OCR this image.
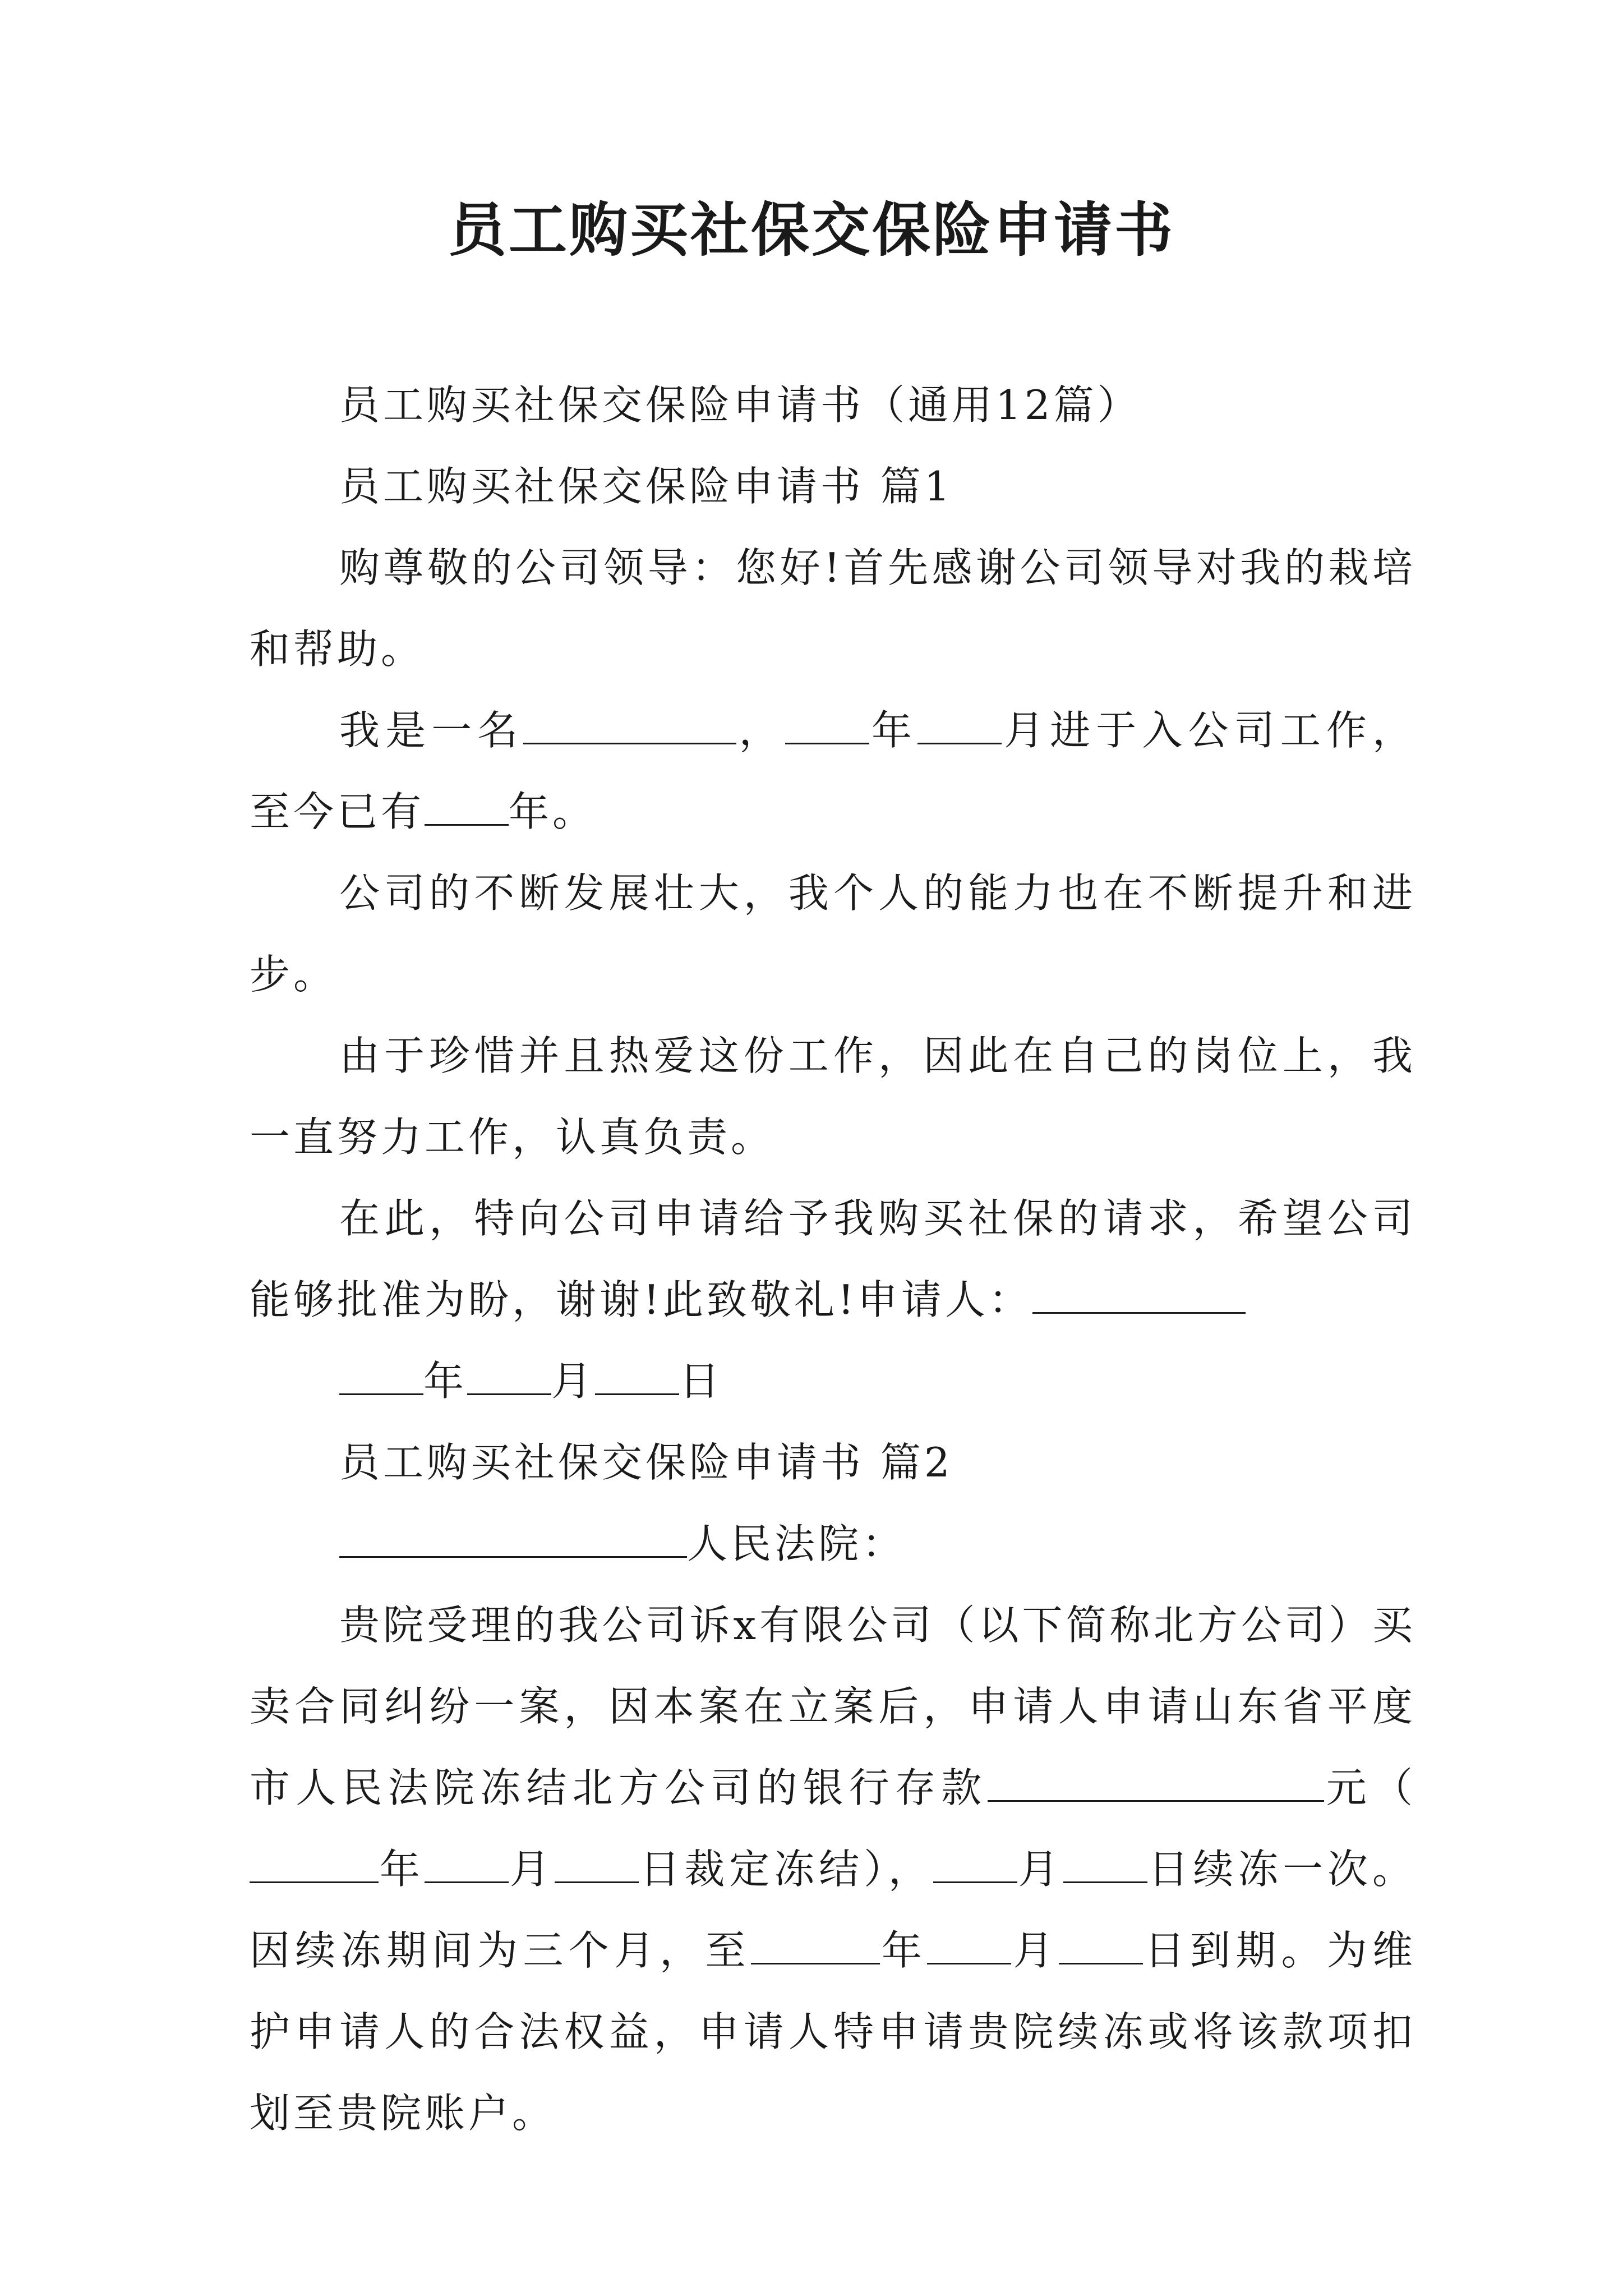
员工购买社保交保险申请书

员工购买社保交保险申请书（通用12篇）

员工购买社保交保险申请书 篇1

购尊敬的公司领导：您好!首先感谢公司领导对我的栽培和帮助。

我是一名	， 年 月进于入公司工作，至今已有 年。

公司的不断发展壮大，我个人的能力也在不断提升和进步。

由于珍惜并且热爱这份工作，因此在自己的岗位上，我一直努力工作，认真负责。

在此，特向公司申请给予我购买社保的请求，希望公司能够批准为盼，谢谢!此致敬礼!申请人：

年 月 日

员工购买社保交保险申请书 篇2

人民法院：

贵院受理的我公司诉x有限公司（以下简称北方公司）买卖合同纠纷一案，因本案在立案后，申请人申请山东省平度市人民法院冻结北方公司的银行存款	元（年 月 日裁定冻结）， 月 日续冻一次。因续冻期间为三个月，至	年 月 日到期。为维护申请人的合法权益，申请人特申请贵院续冻或将该款项扣划至贵院账户。
